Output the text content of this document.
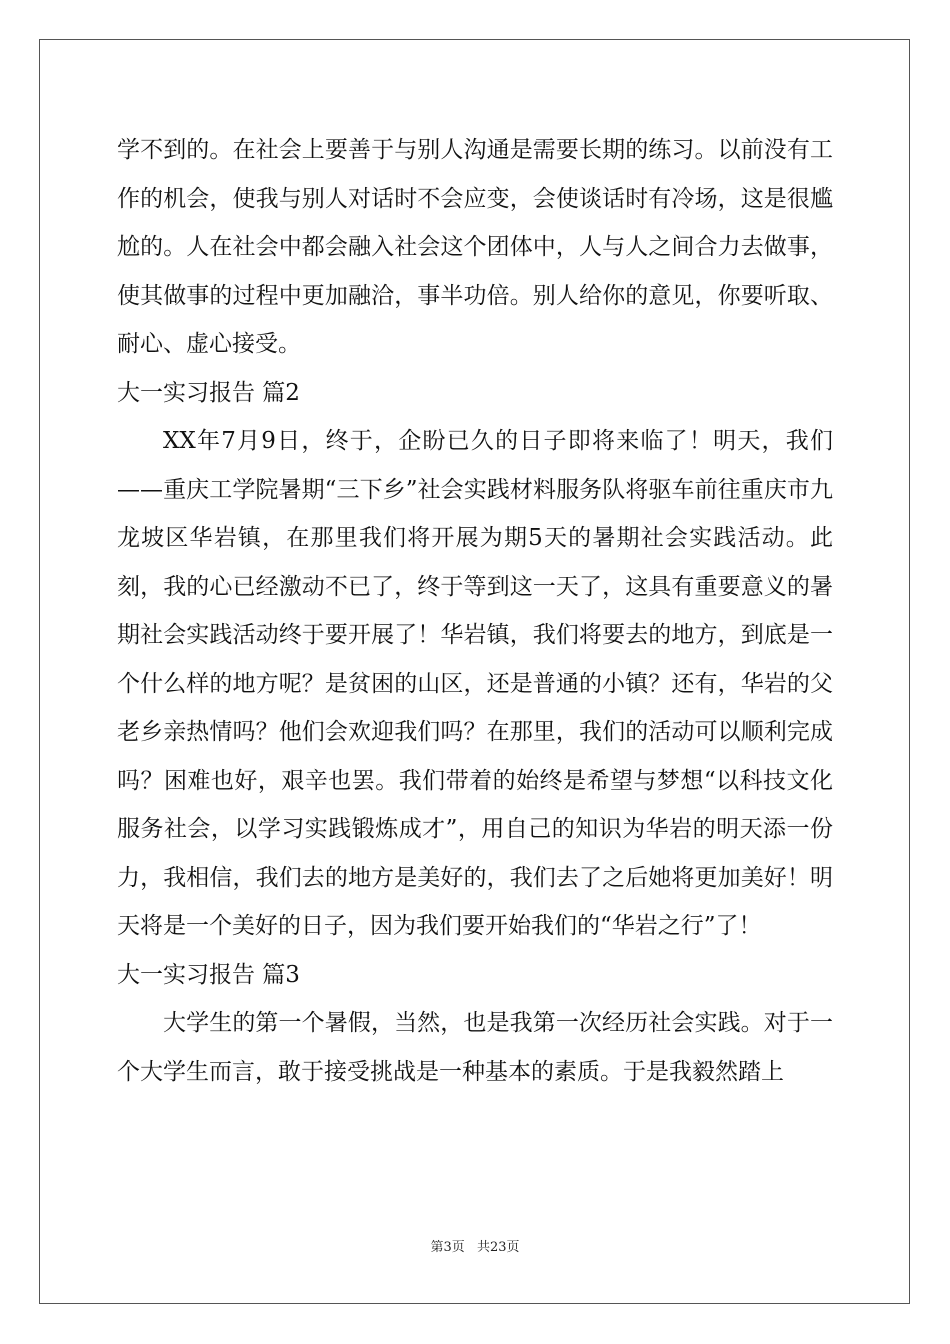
学不到的。在社会上要善于与别人沟通是需要长期的练习。以前没有工作的机会，使我与别人对话时不会应变，会使谈话时有冷场，这是很尴尬的。人在社会中都会融入社会这个团体中，人与人之间合力去做事，使其做事的过程中更加融洽，事半功倍。别人给你的意见，你要听取、耐心、虚心接受。

大一实习报告 篇2

XX年7月9日，终于，企盼已久的日子即将来临了！明天，我们——重庆工学院暑期“三下乡”社会实践材料服务队将驱车前往重庆市九龙坡区华岩镇，在那里我们将开展为期5天的暑期社会实践活动。此刻，我的心已经激动不已了，终于等到这一天了，这具有重要意义的暑期社会实践活动终于要开展了！华岩镇，我们将要去的地方，到底是一个什么样的地方呢？是贫困的山区，还是普通的小镇？还有，华岩的父老乡亲热情吗？他们会欢迎我们吗？在那里，我们的活动可以顺利完成吗？困难也好，艰辛也罢。我们带着的始终是希望与梦想“以科技文化服务社会，以学习实践锻炼成才”，用自己的知识为华岩的明天添一份力，我相信，我们去的地方是美好的，我们去了之后她将更加美好！明天将是一个美好的日子，因为我们要开始我们的“华岩之行”了！

大一实习报告 篇3

大学生的第一个暑假，当然，也是我第一次经历社会实践。对于一个大学生而言，敢于接受挑战是一种基本的素质。于是我毅然踏上

第3页 共23页
